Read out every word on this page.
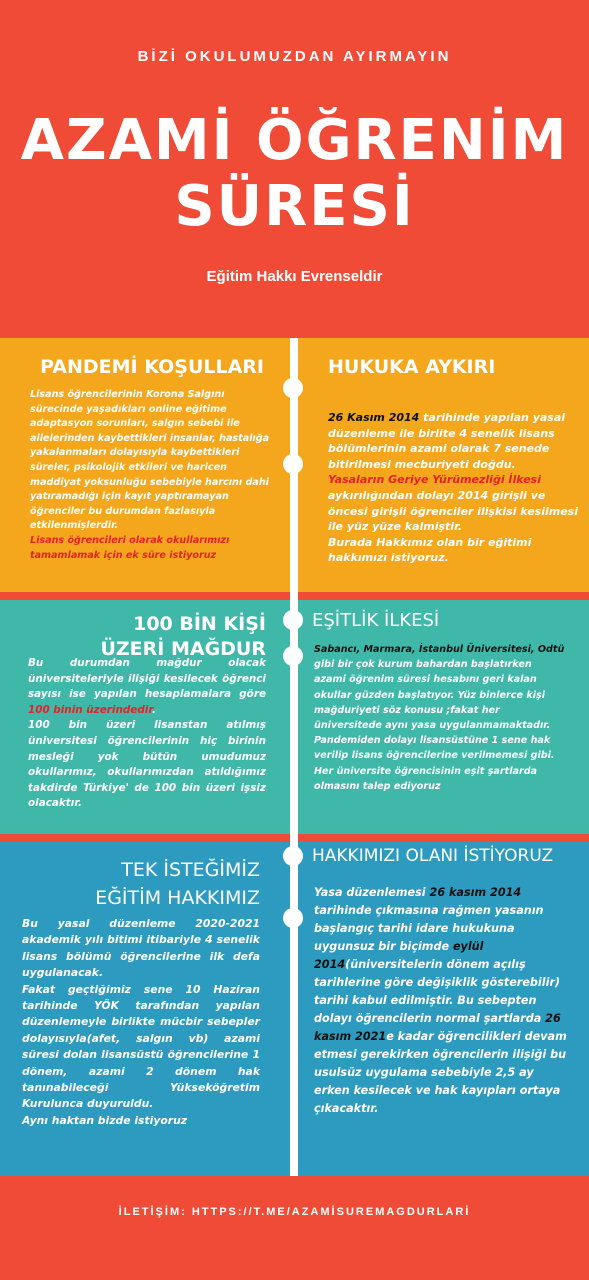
BİZİ OKULUMUZDAN AYIRMAYIN
AZAMİ ÖĞRENİM
SÜRESİ
Eğitim Hakkı Evrenseldir
PANDEMİ KOŞULLARI
Lisans öğrencilerinin Korona Salgını sürecinde yaşadıkları online eğitime adaptasyon sorunları, salgın sebebi ile ailelerinden kaybettikleri insanlar, hastalığa yakalanmaları dolayısıyla kaybettikleri süreler, psikolojik etkileri ve haricen maddiyat yoksunluğu sebebiyle harcını dahi yatıramadığı için kayıt yaptıramayan öğrenciler bu durumdan fazlasıyla etkilenmişlerdir.
Lisans öğrencileri olarak okullarımızı tamamlamak için ek süre istiyoruz
HUKUKA AYKIRI
26 Kasım 2014 tarihinde yapılan yasal düzenleme ile birlite 4 senelik lisans bölümlerinin azami olarak 7 senede bitirilmesi mecburiyeti doğdu.
Yasaların Geriye Yürümezliği İlkesi aykırılığından dolayı 2014 girişli ve öncesi girişli öğrenciler ilişkisi kesilmesi ile yüz yüze kalmiştir.
Burada Hakkımız olan bir eğitimi hakkımızı istiyoruz.
100 BİN KİŞİ ÜZERİ MAĞDUR
Bu durumdan mağdur olacak üniversiteleriyle ilişiği kesilecek öğrenci sayısı ise yapılan hesaplamalara göre 100 binin üzerindedir.
100 bin üzeri lisanstan atılmış üniversitesi öğrencilerinin hiç birinin mesleği yok bütün umudumuz okullarımız, okullarımızdan atıldığımız takdirde Türkiye' de 100 bin üzeri işsiz olacaktır.
EŞİTLİK İLKESİ
Sabancı, Marmara, İstanbul Üniversitesi, Odtü gibi bir çok kurum bahardan başlatırken azami öğrenim süresi hesabını geri kalan okullar güzden başlatıyor. Yüz binlerce kişi mağduriyeti söz konusu ;fakat her üniversitede aynı yasa uygulanmamaktadır. Pandemiden dolayı lisansüstüne 1 sene hak verilip lisans öğrencilerine verilmemesi gibi. Her üniversite öğrencisinin eşit şartlarda olmasını talep ediyoruz
TEK İSTEĞİMİZ EĞİTİM HAKKIMIZ
Bu yasal düzenleme 2020-2021 akademik yılı bitimi itibariyle 4 senelik lisans bölümü öğrencilerine ilk defa uygulanacak.
Fakat geçtiğimiz sene 10 Haziran tarihinde YÖK tarafından yapılan düzenlemeyle birlikte mücbir sebepler dolayısıyla(afet, salgın vb) azami süresi dolan lisansüstü öğrencilerine 1 dönem, azami 2 dönem hak tanınabileceği Yükseköğretim Kurulunca duyuruldu.
Aynı haktan bizde istiyoruz
HAKKIMIZI OLANI İSTİYORUZ
Yasa düzenlemesi 26 kasım 2014 tarihinde çıkmasına rağmen yasanın başlangıç tarihi idare hukukuna uygunsuz bir biçimde eylül 2014(üniversitelerin dönem açılış tarihlerine göre değişiklik gösterebilir) tarihi kabul edilmiştir. Bu sebepten dolayı öğrencilerin normal şartlarda 26 kasım 2021e kadar öğrencilikleri devam etmesi gerekirken öğrencilerin ilişiği bu usulsüz uygulama sebebiyle 2,5 ay erken kesilecek ve hak kayıpları ortaya çıkacaktır.
İLETİŞİM: HTTPS://T.ME/AZAMİSUREMAGDURLARİ
